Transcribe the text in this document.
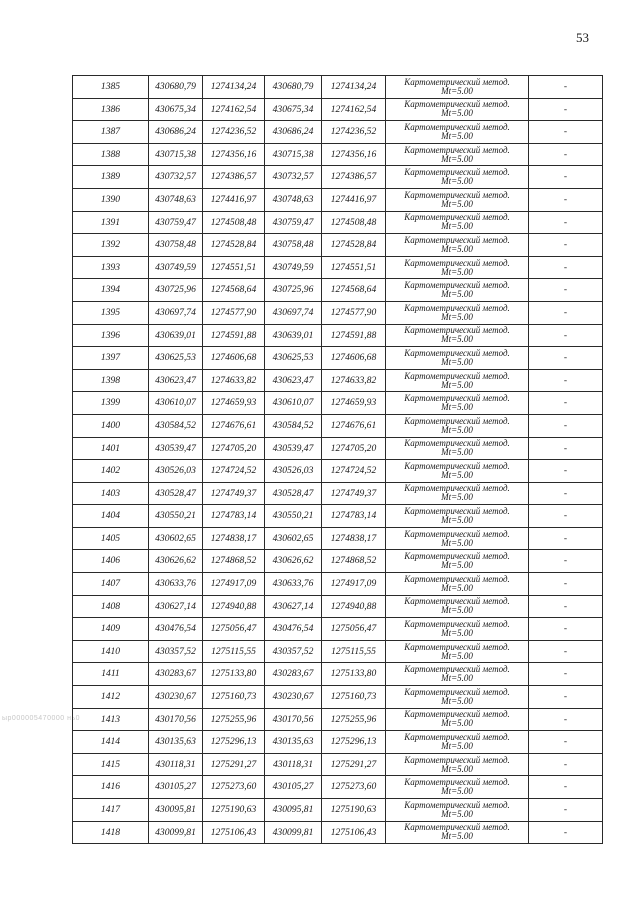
53
ыр000005470000 нь0
1385	430680,79	1274134,24	430680,79	1274134,24	Картометрический метод.
Mt=5.00	-
1386	430675,34	1274162,54	430675,34	1274162,54	Картометрический метод.
Mt=5.00	-
1387	430686,24	1274236,52	430686,24	1274236,52	Картометрический метод.
Mt=5.00	-
1388	430715,38	1274356,16	430715,38	1274356,16	Картометрический метод.
Mt=5.00	-
1389	430732,57	1274386,57	430732,57	1274386,57	Картометрический метод.
Mt=5.00	-
1390	430748,63	1274416,97	430748,63	1274416,97	Картометрический метод.
Mt=5.00	-
1391	430759,47	1274508,48	430759,47	1274508,48	Картометрический метод.
Mt=5.00	-
1392	430758,48	1274528,84	430758,48	1274528,84	Картометрический метод.
Mt=5.00	-
1393	430749,59	1274551,51	430749,59	1274551,51	Картометрический метод.
Mt=5.00	-
1394	430725,96	1274568,64	430725,96	1274568,64	Картометрический метод.
Mt=5.00	-
1395	430697,74	1274577,90	430697,74	1274577,90	Картометрический метод.
Mt=5.00	-
1396	430639,01	1274591,88	430639,01	1274591,88	Картометрический метод.
Mt=5.00	-
1397	430625,53	1274606,68	430625,53	1274606,68	Картометрический метод.
Mt=5.00	-
1398	430623,47	1274633,82	430623,47	1274633,82	Картометрический метод.
Mt=5.00	-
1399	430610,07	1274659,93	430610,07	1274659,93	Картометрический метод.
Mt=5.00	-
1400	430584,52	1274676,61	430584,52	1274676,61	Картометрический метод.
Mt=5.00	-
1401	430539,47	1274705,20	430539,47	1274705,20	Картометрический метод.
Mt=5.00	-
1402	430526,03	1274724,52	430526,03	1274724,52	Картометрический метод.
Mt=5.00	-
1403	430528,47	1274749,37	430528,47	1274749,37	Картометрический метод.
Mt=5.00	-
1404	430550,21	1274783,14	430550,21	1274783,14	Картометрический метод.
Mt=5.00	-
1405	430602,65	1274838,17	430602,65	1274838,17	Картометрический метод.
Mt=5.00	-
1406	430626,62	1274868,52	430626,62	1274868,52	Картометрический метод.
Mt=5.00	-
1407	430633,76	1274917,09	430633,76	1274917,09	Картометрический метод.
Mt=5.00	-
1408	430627,14	1274940,88	430627,14	1274940,88	Картометрический метод.
Mt=5.00	-
1409	430476,54	1275056,47	430476,54	1275056,47	Картометрический метод.
Mt=5.00	-
1410	430357,52	1275115,55	430357,52	1275115,55	Картометрический метод.
Mt=5.00	-
1411	430283,67	1275133,80	430283,67	1275133,80	Картометрический метод.
Mt=5.00	-
1412	430230,67	1275160,73	430230,67	1275160,73	Картометрический метод.
Mt=5.00	-
1413	430170,56	1275255,96	430170,56	1275255,96	Картометрический метод.
Mt=5.00	-
1414	430135,63	1275296,13	430135,63	1275296,13	Картометрический метод.
Mt=5.00	-
1415	430118,31	1275291,27	430118,31	1275291,27	Картометрический метод.
Mt=5.00	-
1416	430105,27	1275273,60	430105,27	1275273,60	Картометрический метод.
Mt=5.00	-
1417	430095,81	1275190,63	430095,81	1275190,63	Картометрический метод.
Mt=5.00	-
1418	430099,81	1275106,43	430099,81	1275106,43	Картометрический метод.
Mt=5.00	-
